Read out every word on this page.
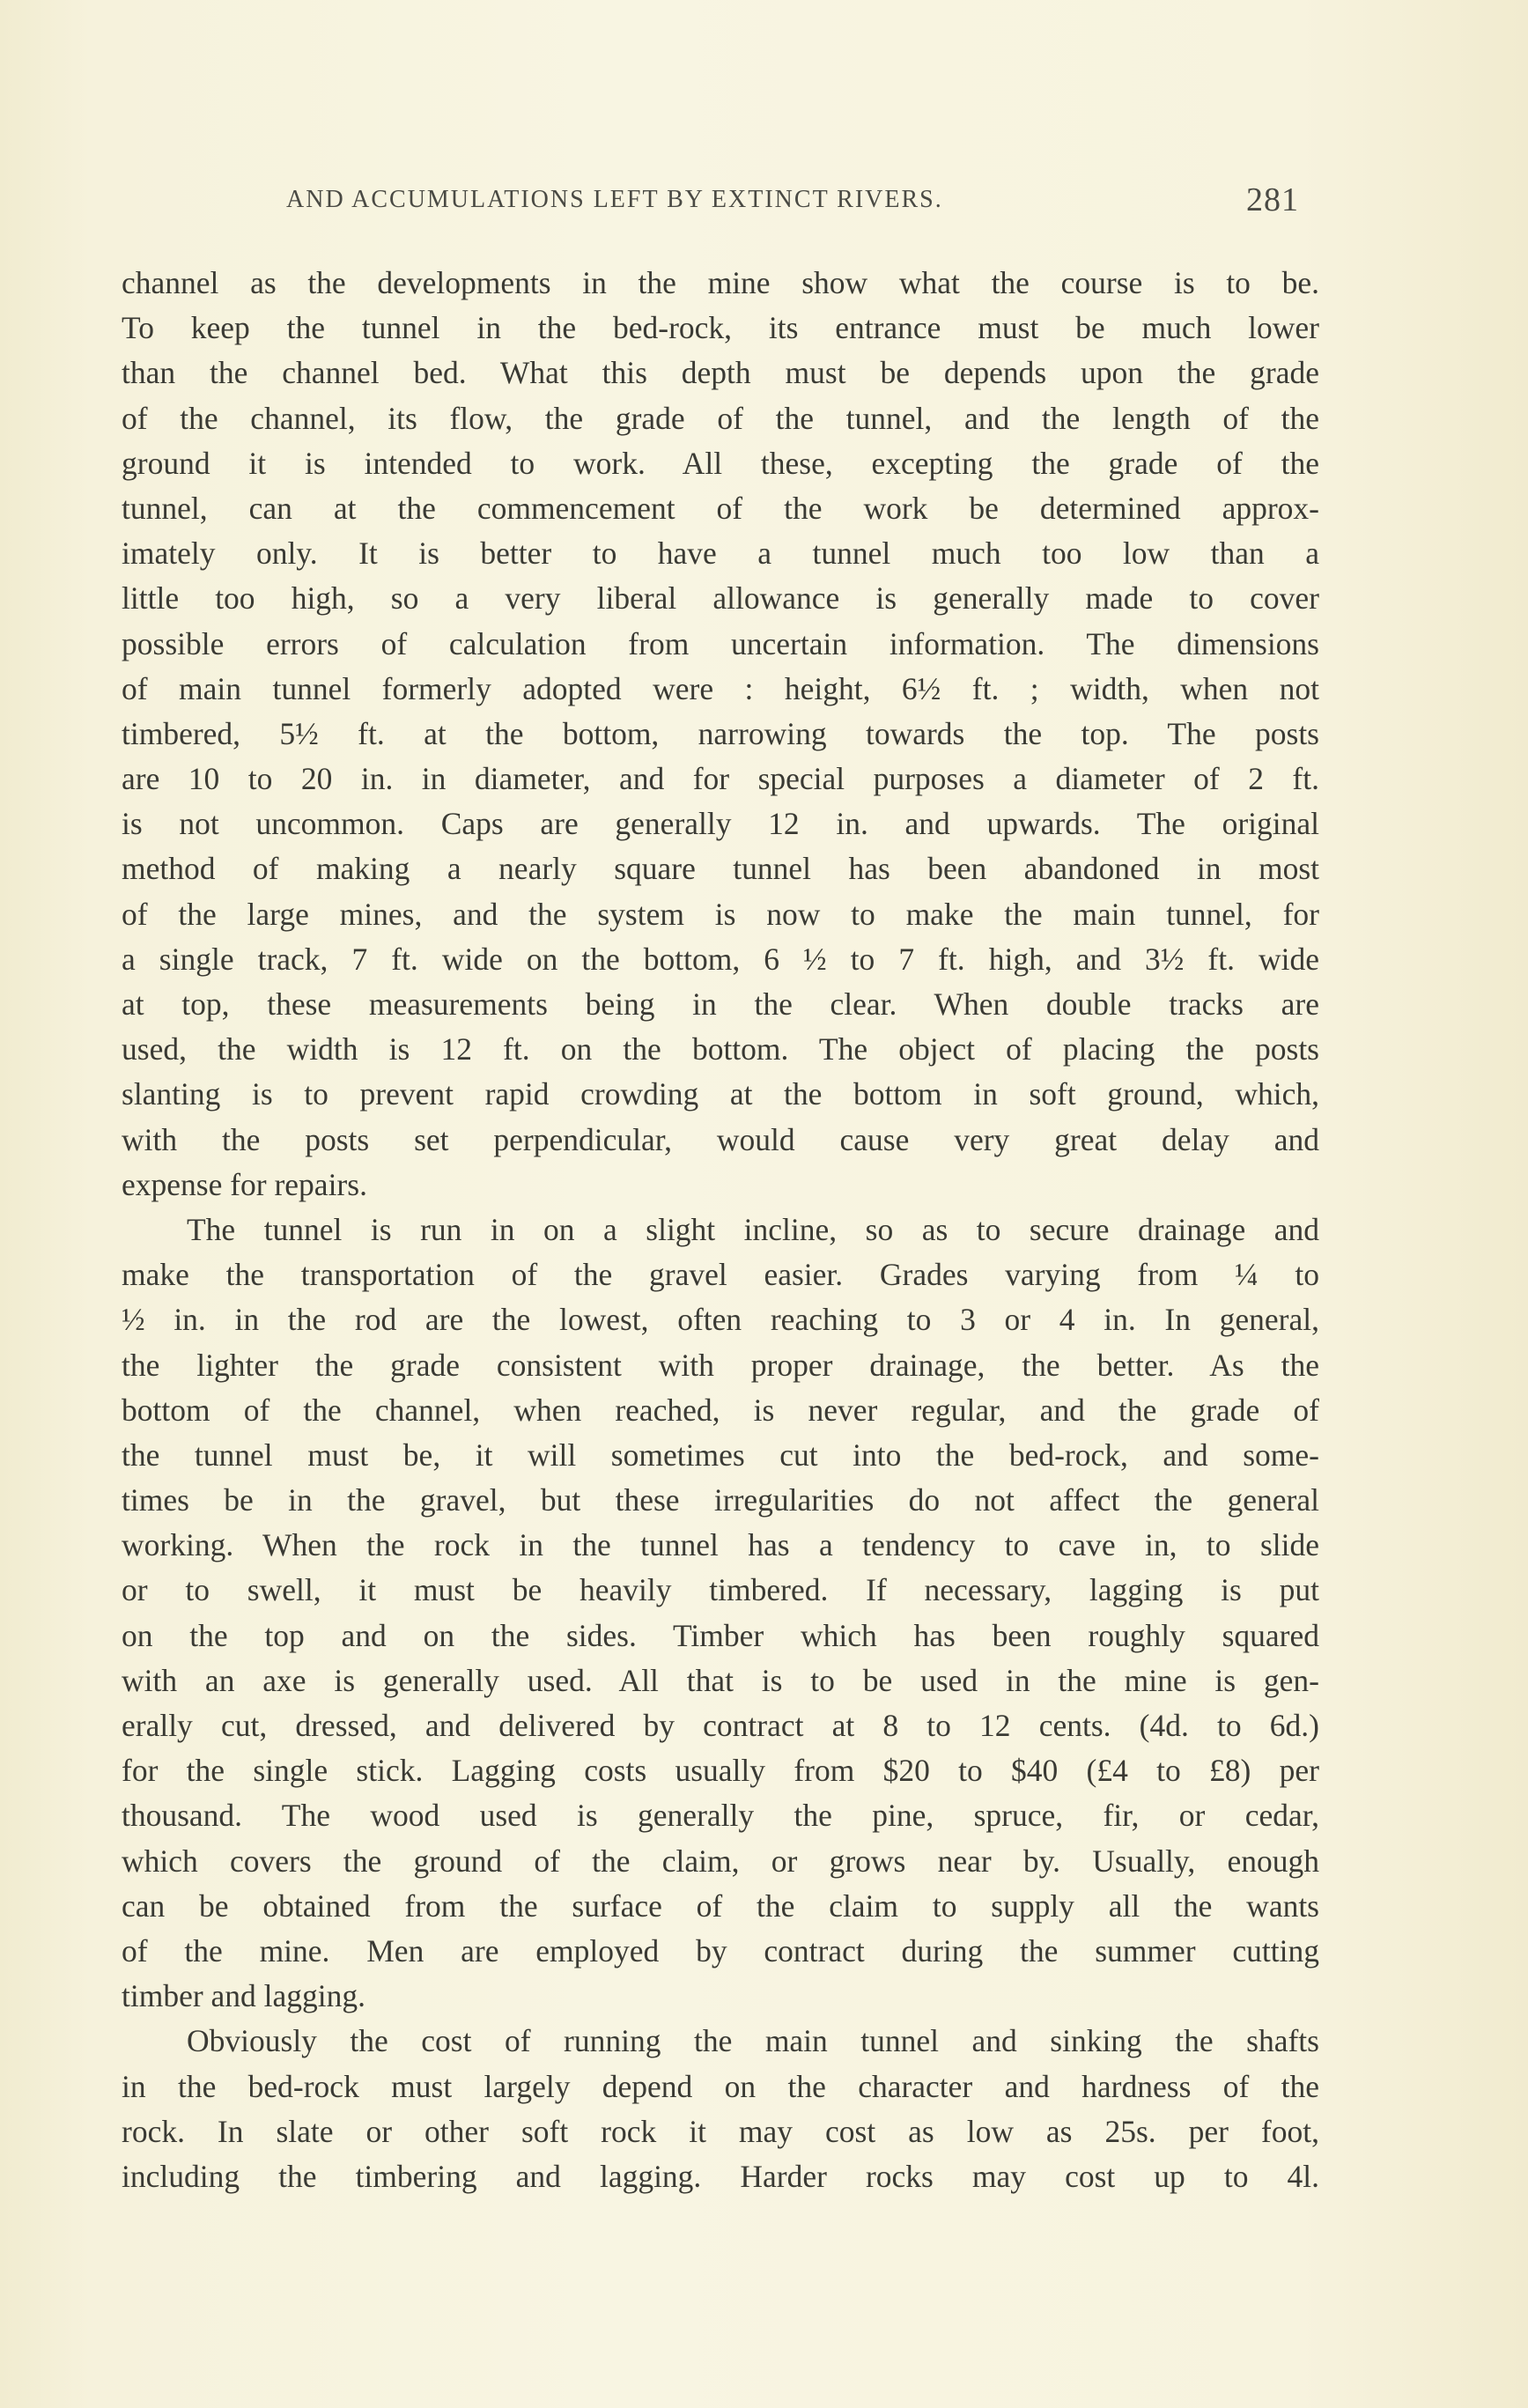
AND ACCUMULATIONS LEFT BY EXTINCT RIVERS.	281
channel as the developments in the mine show what the course is to be.
To keep the tunnel in the bed-rock, its entrance must be much lower
than the channel bed. What this depth must be depends upon the grade
of the channel, its flow, the grade of the tunnel, and the length of the
ground it is intended to work. All these, excepting the grade of the
tunnel, can at the commencement of the work be determined approx-
imately only. It is better to have a tunnel much too low than a
little too high, so a very liberal allowance is generally made to cover
possible errors of calculation from uncertain information. The dimensions
of main tunnel formerly adopted were : height, 6½ ft. ; width, when not
timbered, 5½ ft. at the bottom, narrowing towards the top. The posts
are 10 to 20 in. in diameter, and for special purposes a diameter of 2 ft.
is not uncommon. Caps are generally 12 in. and upwards. The original
method of making a nearly square tunnel has been abandoned in most
of the large mines, and the system is now to make the main tunnel, for
a single track, 7 ft. wide on the bottom, 6 ½ to 7 ft. high, and 3½ ft. wide
at top, these measurements being in the clear. When double tracks are
used, the width is 12 ft. on the bottom. The object of placing the posts
slanting is to prevent rapid crowding at the bottom in soft ground, which,
with the posts set perpendicular, would cause very great delay and
expense for repairs.
The tunnel is run in on a slight incline, so as to secure drainage and
make the transportation of the gravel easier. Grades varying from ¼ to
½ in. in the rod are the lowest, often reaching to 3 or 4 in. In general,
the lighter the grade consistent with proper drainage, the better. As the
bottom of the channel, when reached, is never regular, and the grade of
the tunnel must be, it will sometimes cut into the bed-rock, and some-
times be in the gravel, but these irregularities do not affect the general
working. When the rock in the tunnel has a tendency to cave in, to slide
or to swell, it must be heavily timbered. If necessary, lagging is put
on the top and on the sides. Timber which has been roughly squared
with an axe is generally used. All that is to be used in the mine is gen-
erally cut, dressed, and delivered by contract at 8 to 12 cents. (4d. to 6d.)
for the single stick. Lagging costs usually from $20 to $40 (£4 to £8) per
thousand. The wood used is generally the pine, spruce, fir, or cedar,
which covers the ground of the claim, or grows near by. Usually, enough
can be obtained from the surface of the claim to supply all the wants
of the mine. Men are employed by contract during the summer cutting
timber and lagging.
Obviously the cost of running the main tunnel and sinking the shafts
in the bed-rock must largely depend on the character and hardness of the
rock. In slate or other soft rock it may cost as low as 25s. per foot,
including the timbering and lagging. Harder rocks may cost up to 4l.
